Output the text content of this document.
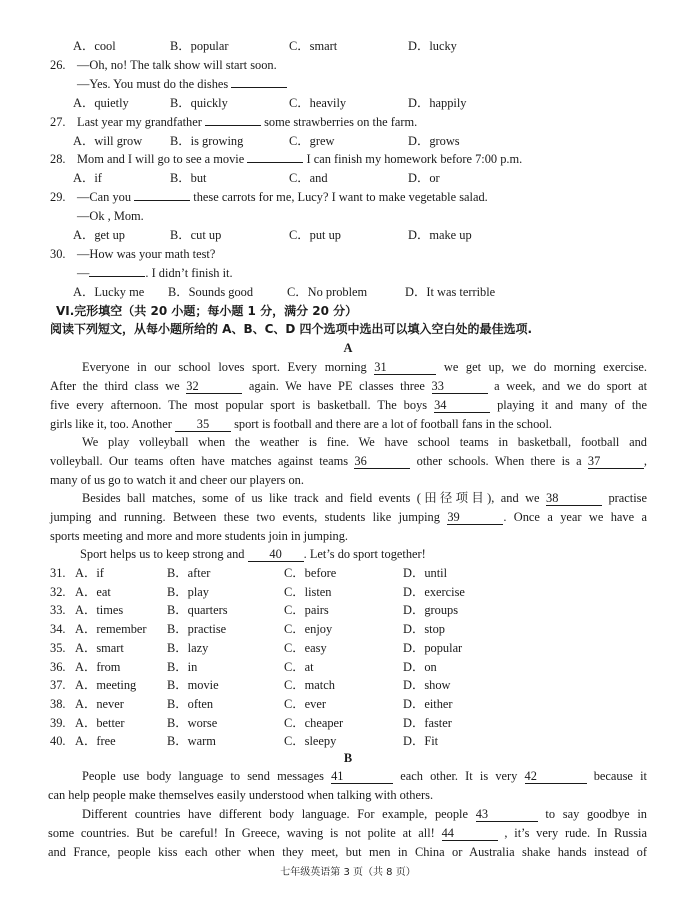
A．cool	B．popular	C．smart	D．lucky
26. —Oh, no! The talk show will start soon.
—Yes. You must do the dishes
A．quietly	B．quickly	C．heavily	D．happily
27. Last year my grandfather	some strawberries on the farm.
A．will grow B．is growing	C．grew	D．grows
28. Mom and I will go to see a movie	I can finish my homework before 7:00 p.m.
A．if	B．but	C．and	D．or
29. —Can you	these carrots for me, Lucy? I want to make vegetable salad.
—Ok , Mom.
A．get up	B．cut up	C．put up	D．make up
30. —How was your math test?
—	. I didn’t finish it.
A．Lucky me B．Sounds good	C．No problem	D．It was terrible
VI.完形填空（共 20 小题；每小题 1 分，满分 20 分）
阅读下列短文，从每小题所给的 A、B、C、D 四个选项中选出可以填入空白处的最佳选项.
A
Everyone in our school loves sport. Every morning 31	we get up, we do morning exercise.
After the third class we 32	again. We have PE classes three 33	a week, and we do sport at
five every afternoon. The most popular sport is basketball. The boys 34	playing it and many of the
girls like it, too. Another 35 sport is football and there are a lot of football fans in the school.
We play volleyball when the weather is fine. We have school teams in basketball, football and
volleyball. Our teams often have matches against teams 36	other schools. When there is a 37	,
many of us go to watch it and cheer our players on.
Besides ball matches, some of us like track and field events (田径项目), and we 38	practise
jumping and running. Between these two events, students like jumping 39	. Once a year we have a
sports meeting and more and more students join in jumping.
Sport helps us to keep strong and 40 . Let’s do sport together!
31. A．if	B．after	C．before	D．until
32. A．eat	B．play	C．listen	D．exercise
33. A．times	B．quarters	C．pairs	D．groups
34. A．remember B．practise	C．enjoy	D．stop
35. A．smart	B．lazy	C．easy	D．popular
36. A．from	B．in	C．at	D．on
37. A．meeting B．movie	C．match	D．show
38. A．never	B．often	C．ever	D．either
39. A．better	B．worse	C．cheaper	D．faster
40. A．free	B．warm	C．sleepy	D．Fit
B
People use body language to send messages 41	each other. It is very 42	because it
can help people make themselves easily understood when talking with others.
Different countries have different body language. For example, people 43	to say goodbye in
some countries. But be careful! In Greece, waving is not polite at all! 44	, it’s very rude. In Russia
and France, people kiss each other when they meet, but men in China or Australia shake hands instead of
七年级英语第 3 页（共 8 页）
